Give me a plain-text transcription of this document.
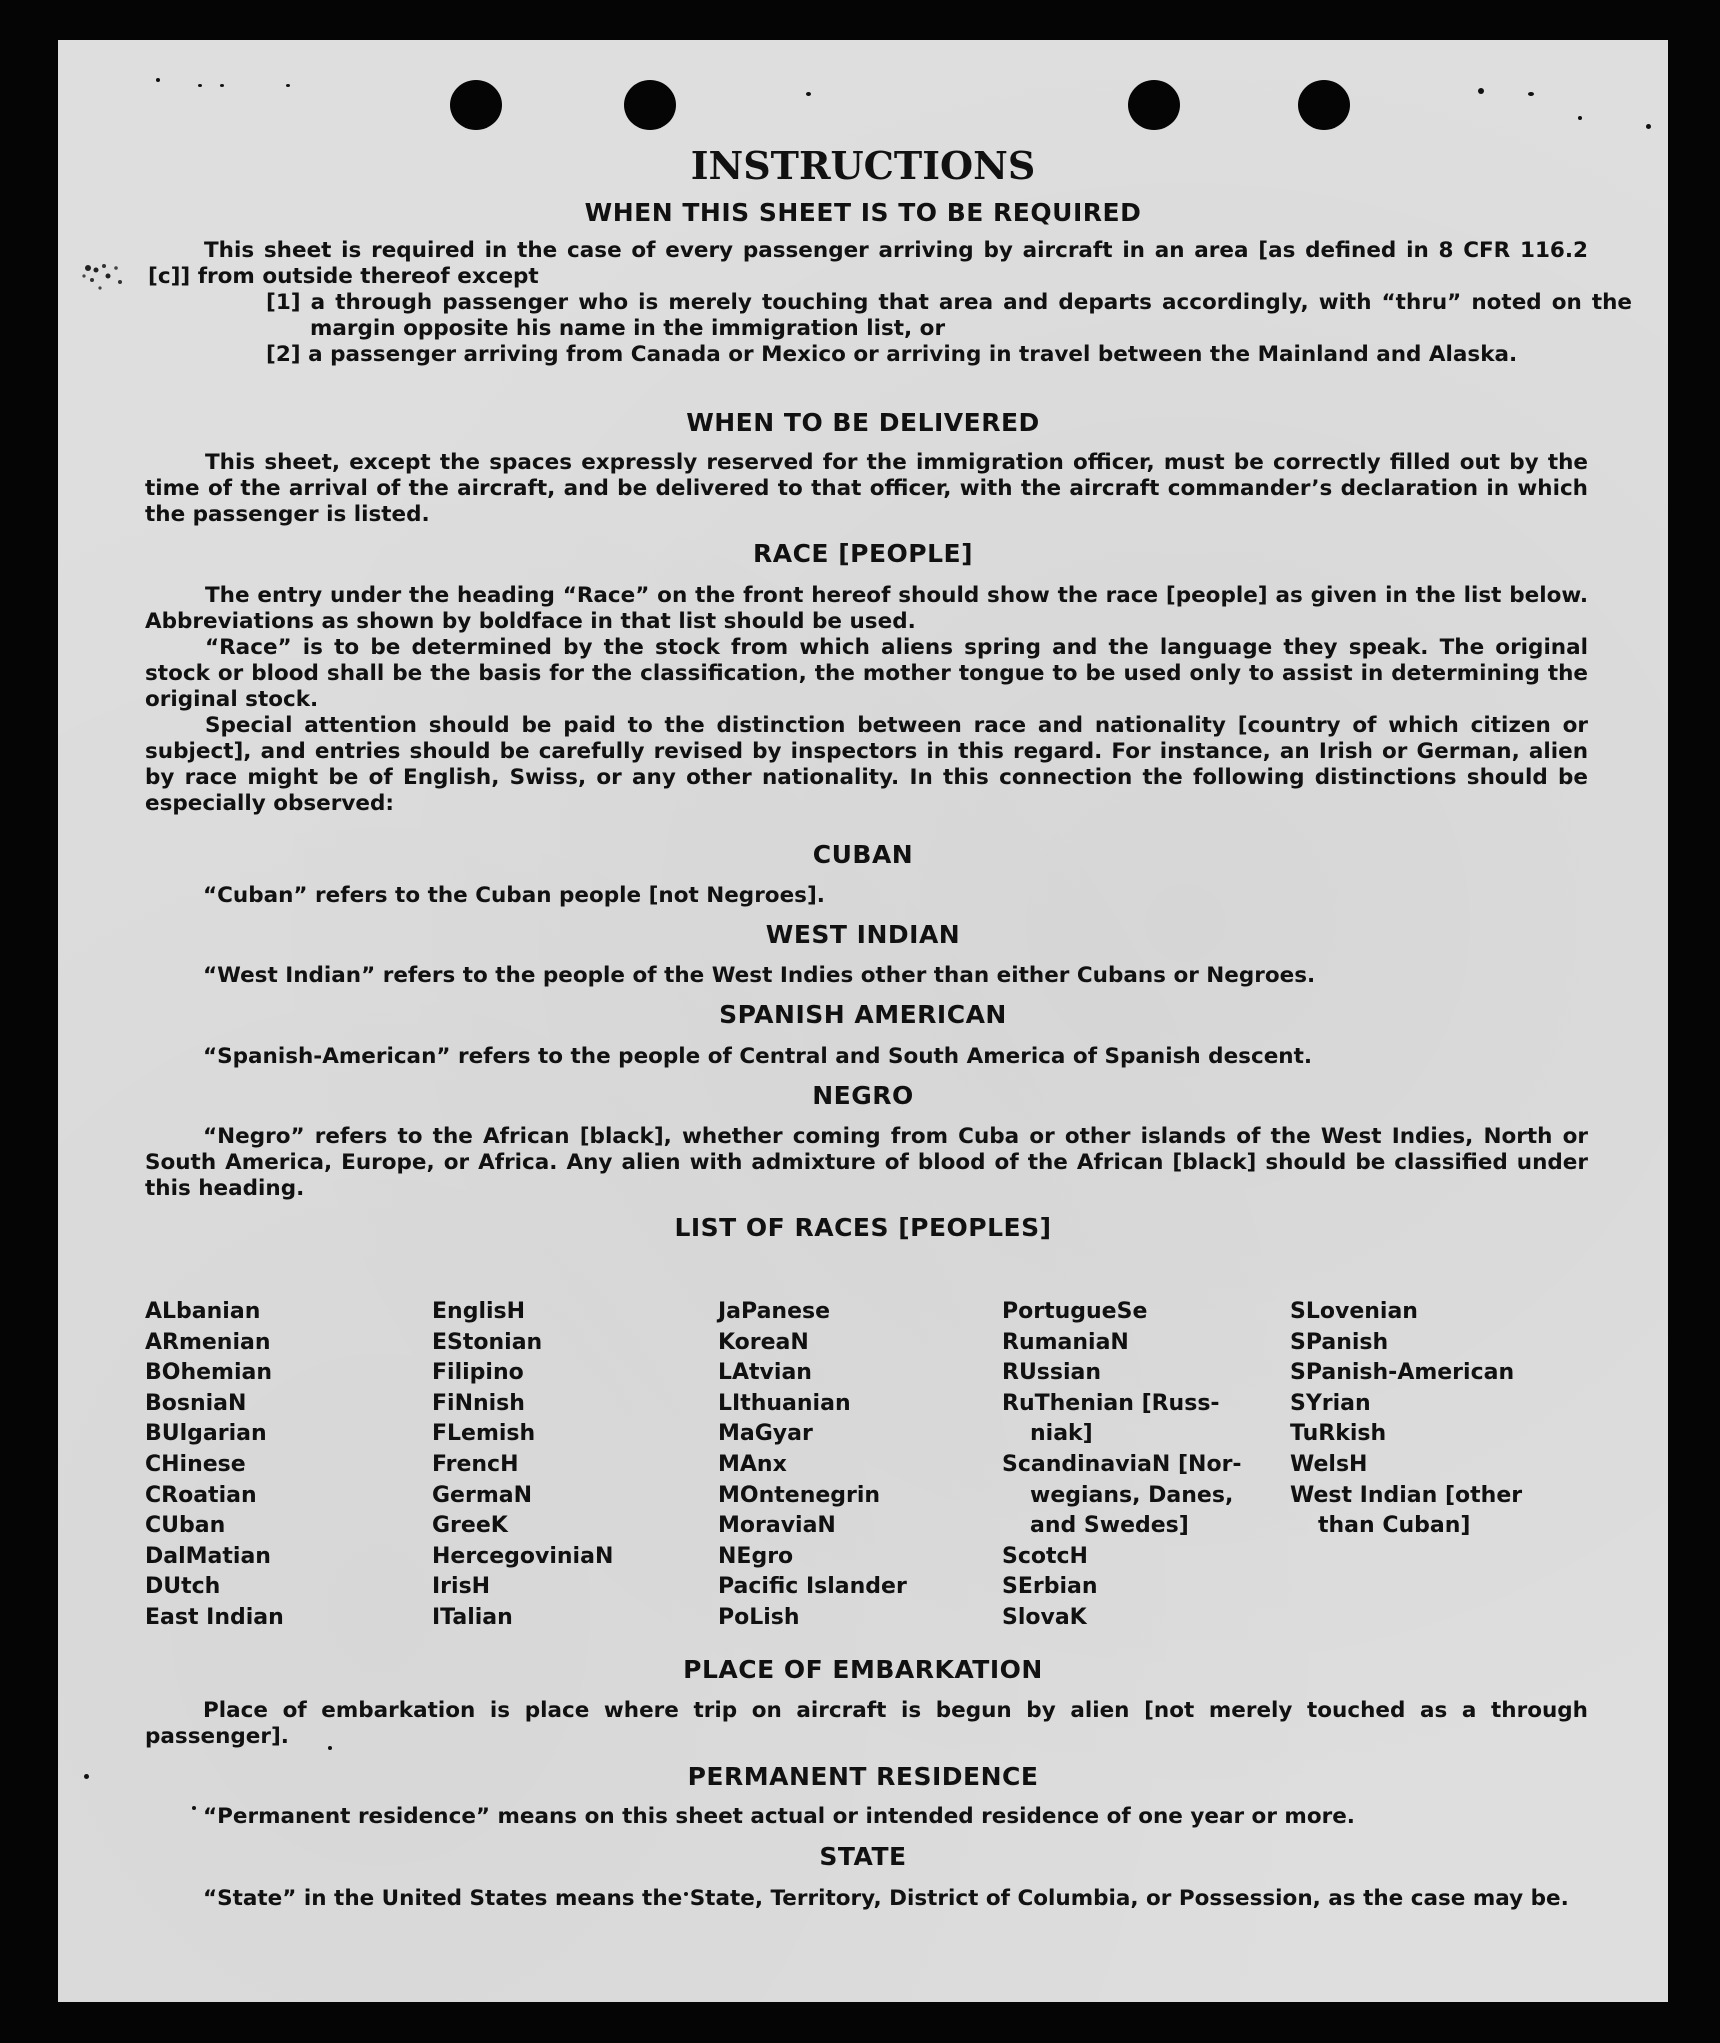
INSTRUCTIONS
WHEN THIS SHEET IS TO BE REQUIRED
This sheet is required in the case of every passenger arriving by aircraft in an area [as defined in 8 CFR 116.2 [c]] from outside thereof except
[1] a through passenger who is merely touching that area and departs accordingly, with “thru” noted on the margin opposite his name in the immigration list, or
[2] a passenger arriving from Canada or Mexico or arriving in travel between the Mainland and Alaska.
WHEN TO BE DELIVERED
This sheet, except the spaces expressly reserved for the immigration officer, must be correctly filled out by the time of the arrival of the aircraft, and be delivered to that officer, with the aircraft commander’s declaration in which the passenger is listed.
RACE [PEOPLE]
The entry under the heading “Race” on the front hereof should show the race [people] as given in the list below. Abbreviations as shown by boldface in that list should be used.
“Race” is to be determined by the stock from which aliens spring and the language they speak. The original stock or blood shall be the basis for the classification, the mother tongue to be used only to assist in determining the original stock.
Special attention should be paid to the distinction between race and nationality [country of which citizen or subject], and entries should be carefully revised by inspectors in this regard. For instance, an Irish or German, alien by race might be of English, Swiss, or any other nationality. In this connection the following distinctions should be especially observed:
CUBAN
“Cuban” refers to the Cuban people [not Negroes].
WEST INDIAN
“West Indian” refers to the people of the West Indies other than either Cubans or Negroes.
SPANISH AMERICAN
“Spanish-American” refers to the people of Central and South America of Spanish descent.
NEGRO
“Negro” refers to the African [black], whether coming from Cuba or other islands of the West Indies, North or South America, Europe, or Africa. Any alien with admixture of blood of the African [black] should be classified under this heading.
LIST OF RACES [PEOPLES]
ALbanian
ARmenian
BOhemian
BosniaN
BUlgarian
CHinese
CRoatian
CUban
DalMatian
DUtch
East Indian
EnglisH
EStonian
Filipino
FiNnish
FLemish
FrencH
GermaN
GreeK
HercegoviniaN
IrisH
ITalian
JaPanese
KoreaN
LAtvian
LIthuanian
MaGyar
MAnx
MOntenegrin
MoraviaN
NEgro
Pacific Islander
PoLish
PortugueSe
RumaniaN
RUssian
RuThenian [Russ-
niak]
ScandinaviaN [Nor-
wegians, Danes,
and Swedes]
ScotcH
SErbian
SlovaK
SLovenian
SPanish
SPanish-American
SYrian
TuRkish
WelsH
West Indian [other
than Cuban]
PLACE OF EMBARKATION
Place of embarkation is place where trip on aircraft is begun by alien [not merely touched as a through passenger].
PERMANENT RESIDENCE
“Permanent residence” means on this sheet actual or intended residence of one year or more.
STATE
“State” in the United States means the State, Territory, District of Columbia, or Possession, as the case may be.
